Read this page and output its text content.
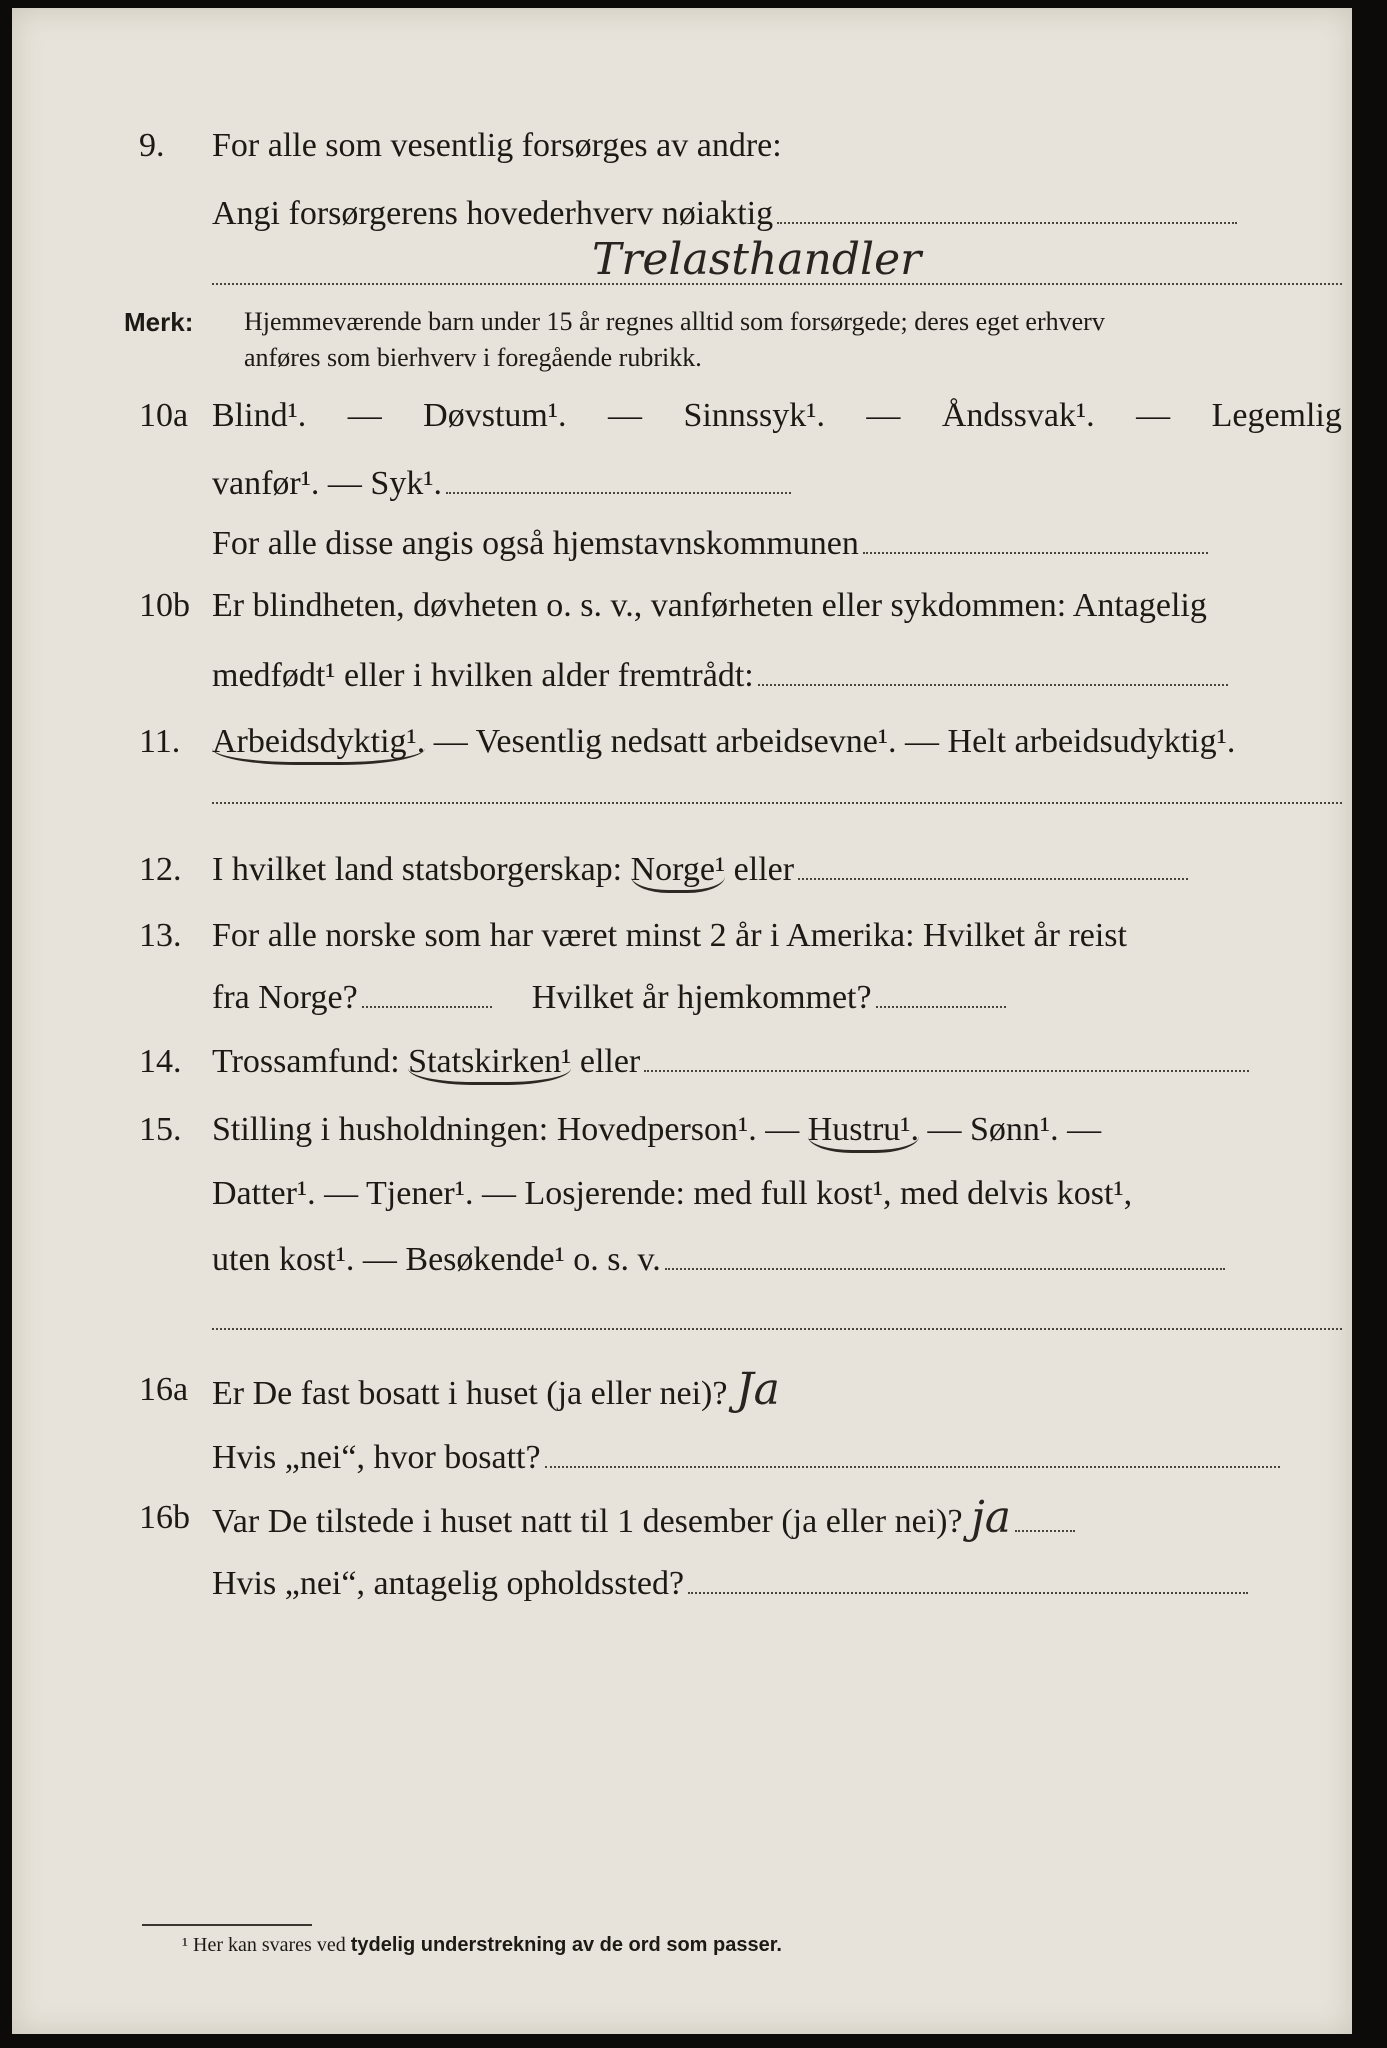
9. For alle som vesentlig forsørges av andre:
Angi forsørgerens hovederhverv nøiaktig
Trelasthandler
Merk: Hjemmeværende barn under 15 år regnes alltid som forsørgede; deres eget erhverv
anføres som bierhverv i foregående rubrikk.
10a Blind¹. — Døvstum¹. — Sinnssyk¹. — Åndssvak¹. — Legemlig
vanfør¹. — Syk¹.
For alle disse angis også hjemstavnskommunen
10b Er blindheten, døvheten o. s. v., vanførheten eller sykdommen: Antagelig
medfødt¹ eller i hvilken alder fremtrådt:
11. Arbeidsdyktig¹. — Vesentlig nedsatt arbeidsevne¹. — Helt arbeidsudyktig¹.
12. I hvilket land statsborgerskap: Norge¹ eller
13. For alle norske som har været minst 2 år i Amerika: Hvilket år reist
fra Norge?	Hvilket år hjemkommet?
14. Trossamfund: Statskirken¹ eller
15. Stilling i husholdningen: Hovedperson¹. — Hustru¹. — Sønn¹. —
Datter¹. — Tjener¹. — Losjerende: med full kost¹, med delvis kost¹,
uten kost¹. — Besøkende¹ o. s. v.
16a Er De fast bosatt i huset (ja eller nei)? Ja
Hvis „nei“, hvor bosatt?
16b Var De tilstede i huset natt til 1 desember (ja eller nei)? ja
Hvis „nei“, antagelig opholdssted?
¹ Her kan svares ved tydelig understrekning av de ord som passer.
